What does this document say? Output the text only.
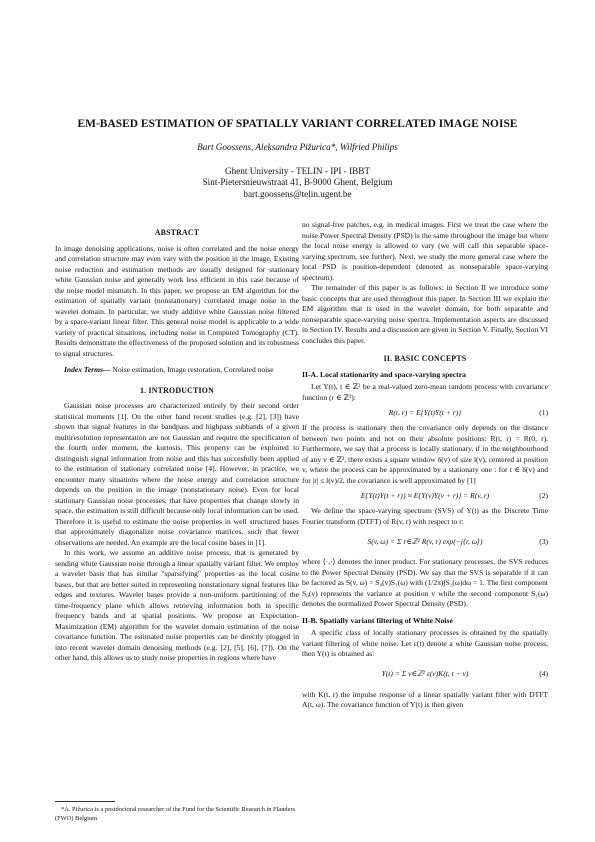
EM-BASED ESTIMATION OF SPATIALLY VARIANT CORRELATED IMAGE NOISE
Bart Goossens, Aleksandra Pižurica*, Wilfried Philips
Ghent University - TELIN - IPI - IBBT
Sint-Pietersnieuwstraat 41, B-9000 Ghent, Belgium
bart.goossens@telin.ugent.be
ABSTRACT

In image denoising applications, noise is often correlated and the noise energy and correlation structure may even vary with the position in the image. Existing noise reduction and estimation methods are usually designed for stationary white Gaussian noise and generally work less efficient in this case because of the noise model mismatch. In this paper, we propose an EM algorithm for the estimation of spatially variant (nonstationary) correlated image noise in the wavelet domain. In particular, we study additive white Gaussian noise filtered by a space-variant linear filter. This general noise model is applicable to a wide variety of practical situations, including noise in Computed Tomography (CT). Results demonstrate the effectiveness of the proposed solution and its robustness to signal structures.

Index Terms— Noise estimation, Image restoration, Correlated noise
1. INTRODUCTION

Gaussian noise processes are characterized entirely by their second order statistical moments [1]. On the other hand recent studies (e.g. [2], [3]) have shown that signal features in the bandpass and highpass subbands of a given multiresolution representation are not Gaussian and require the specification of the fourth order moment, the kurtosis. This property can be exploited to distinguish signal information from noise and this has succesfully been applied to the estimation of stationary correlated noise [4]. However, in practice, we encounter many situations where the noise energy and correlation structure depends on the position in the image (nonstationary noise). Even for local stationary Gaussian noise processes, that have properties that change slowly in space, the estimation is still difficult because only local information can be used. Therefore it is useful to estimate the noise properties in well structured bases that approximately diagonalize noise covariance matrices, such that fewer observations are needed. An example are the local cosine bases in [1].

In this work, we assume an additive noise process, that is generated by sending white Gaussian noise through a linear spatially variant filter. We employ a wavelet basis that has similar "sparsifying" properties as the local cosine bases, but that are better suited in representing nonstationary signal features like edges and textures. Wavelet bases provide a non-uniform partitioning of the time-frequency plane which allows retrieving information both in specific frequency bands and at spatial positions. We propose an Expectation-Maximization (EM) algorithm for the wavelet domain estimation of the noise covariance function. The estimated noise properties can be directly plugged in into recent wavelet domain denoising methods (e.g. [2], [5], [6], [7]). On the other hand, this allows us to study noise properties in regions where have

*A. Pižurica is a postdoctoral researcher of the Fund for the Scientific Research in Flanders (FWO) Belgium

no signal-free patches, e.g. in medical images. First we treat the case where the noise Power Spectral Density (PSD) is the same throughout the image but where the local noise energy is allowed to vary (we will call this separable space-varying spectrum, see further). Next, we study the more general case where the local PSD is position-dependent (denoted as nonseparable space-varying spectrum).

The remainder of this paper is as follows: in Section II we introduce some basic concepts that are used throughout this paper. In Section III we explain the EM algorithm that is used in the wavelet domain, for both separable and nonseparable space-varying noise spectra. Implementation aspects are discussed in Section IV. Results and a discussion are given in Section V. Finally, Section VI concludes this paper.

II. BASIC CONCEPTS
II-A. Local stationarity and space-varying spectra

Let Y(t), t ∈ ℤ² be a real-valued zero-mean random process with covariance function (r ∈ ℤ²):

R(t, r) = E{Y(t)Y(t + r)}	(1)

If the process is stationary then the covariance only depends on the distance between two points and not on their absolute positions: R(t, r) = R(0, r). Furthermore, we say that a process is locally stationary, if in the neighbourhood of any v ∈ ℤ², there exists a square window δ(v) of size l(v), centered at position v, where the process can be approximated by a stationary one : for t ∈ δ(v) and for |r| ≤ l(v)/2, the covariance is well approximated by [1]

E{Y(t)Y(t + r)} ≈ E{Y(v)Y(v + r)} = R(v, r)	(2)

We define the space-varying spectrum (SVS) of Y(t) as the Discrete Time Fourier transform (DTFT) of R(v, r) with respect to r:

S(v, ω) = Σ r∈ℤ² R(v, r) exp(−j⟨r, ω⟩)	(3)

where ⟨·,·⟩ denotes the inner product. For stationary processes, the SVS reduces to the Power Spectral Density (PSD). We say that the SVS is separable if it can be factored as S(v, ω) = S₀(v)S₁(ω) with (1/2π)∫S₁(ω)dω = 1. The first component S₀(v) represents the variance at position v while the second component S₁(ω) denotes the normalized Power Spectral Density (PSD).

II-B. Spatially variant filtering of White Noise

A specific class of locally stationary processes is obtained by the spatially variant filtering of white noise. Let ε(t) denote a white Gaussian noise process, then Y(t) is obtained as:

Y(t) = Σ v∈ℤ² ε(v)K(t, t − v)	(4)

with K(t, r) the impulse response of a linear spatially variant filter with DTFT A(t, ω). The covariance function of Y(t) is then given
